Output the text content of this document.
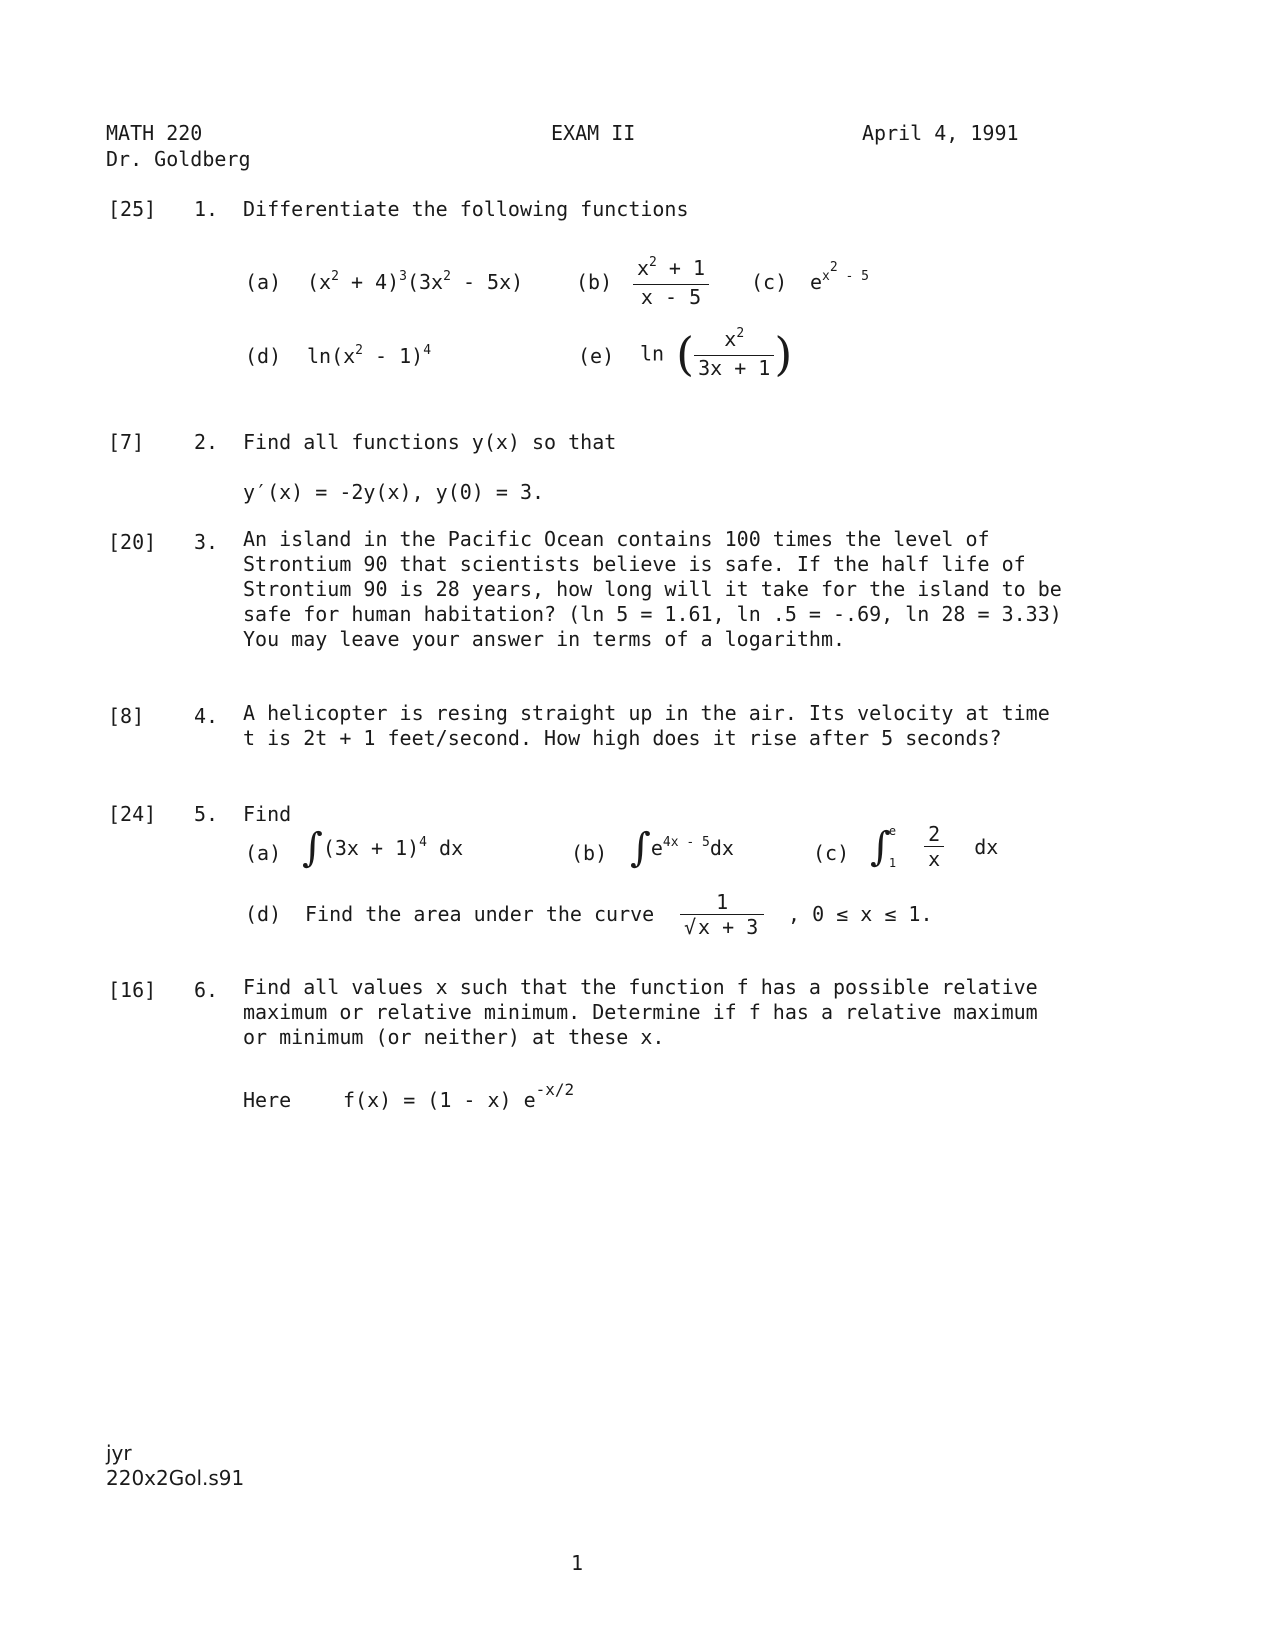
MATH 220
Dr. Goldberg
EXAM II	April 4, 1991
[25] 1. Differentiate the following functions
(a) $(x^2 + 4)^3(3x^2 - 5x)$	$(b) \frac{x^2 + 1}{x - 5} (c)$ $e^{x^2 - 5}$
(d) $\ln(x^2 - 1)^4$	(e) ln ( $\frac{x^2}{3x + 1}$ )
[7] 2. Find all functions y(x) so that
y′(x) = -2y(x), y(0) = 3.
[20] 3. An island in the Pacific Ocean contains 100 times the level of Strontium 90 that scientists believe is safe. If the half life of Strontium 90 is 28 years, how long will it take for the island to be safe for human habitation? (ln 5 = 1.61, ln .5 = -.69, ln 28 = 3.33) You may leave your answer in terms of a logarithm.

[8] 4. A helicopter is resing straight up in the air. Its velocity at time t is 2t + 1 feet/second. How high does it rise after 5 seconds?

[24] 5. Find
(a) $\int(3x + 1)^4$ dx	(b) $\int e^{4x - 5}dx$	(c) ∫
e
1
$\frac{2}{x}$ dx
(d) Find the area under the curve $\frac{1}{√ x + 3}$ , 0 ≤ x ≤ 1.
[16] 6. Find all values x such that the function f has a possible relative maximum or relative minimum. Determine if f has a relative maximum or minimum (or neither) at these x.

Here	f(x) = (1 - x) $e^{-x/2}$
jyr
220x2Gol.s91
1
